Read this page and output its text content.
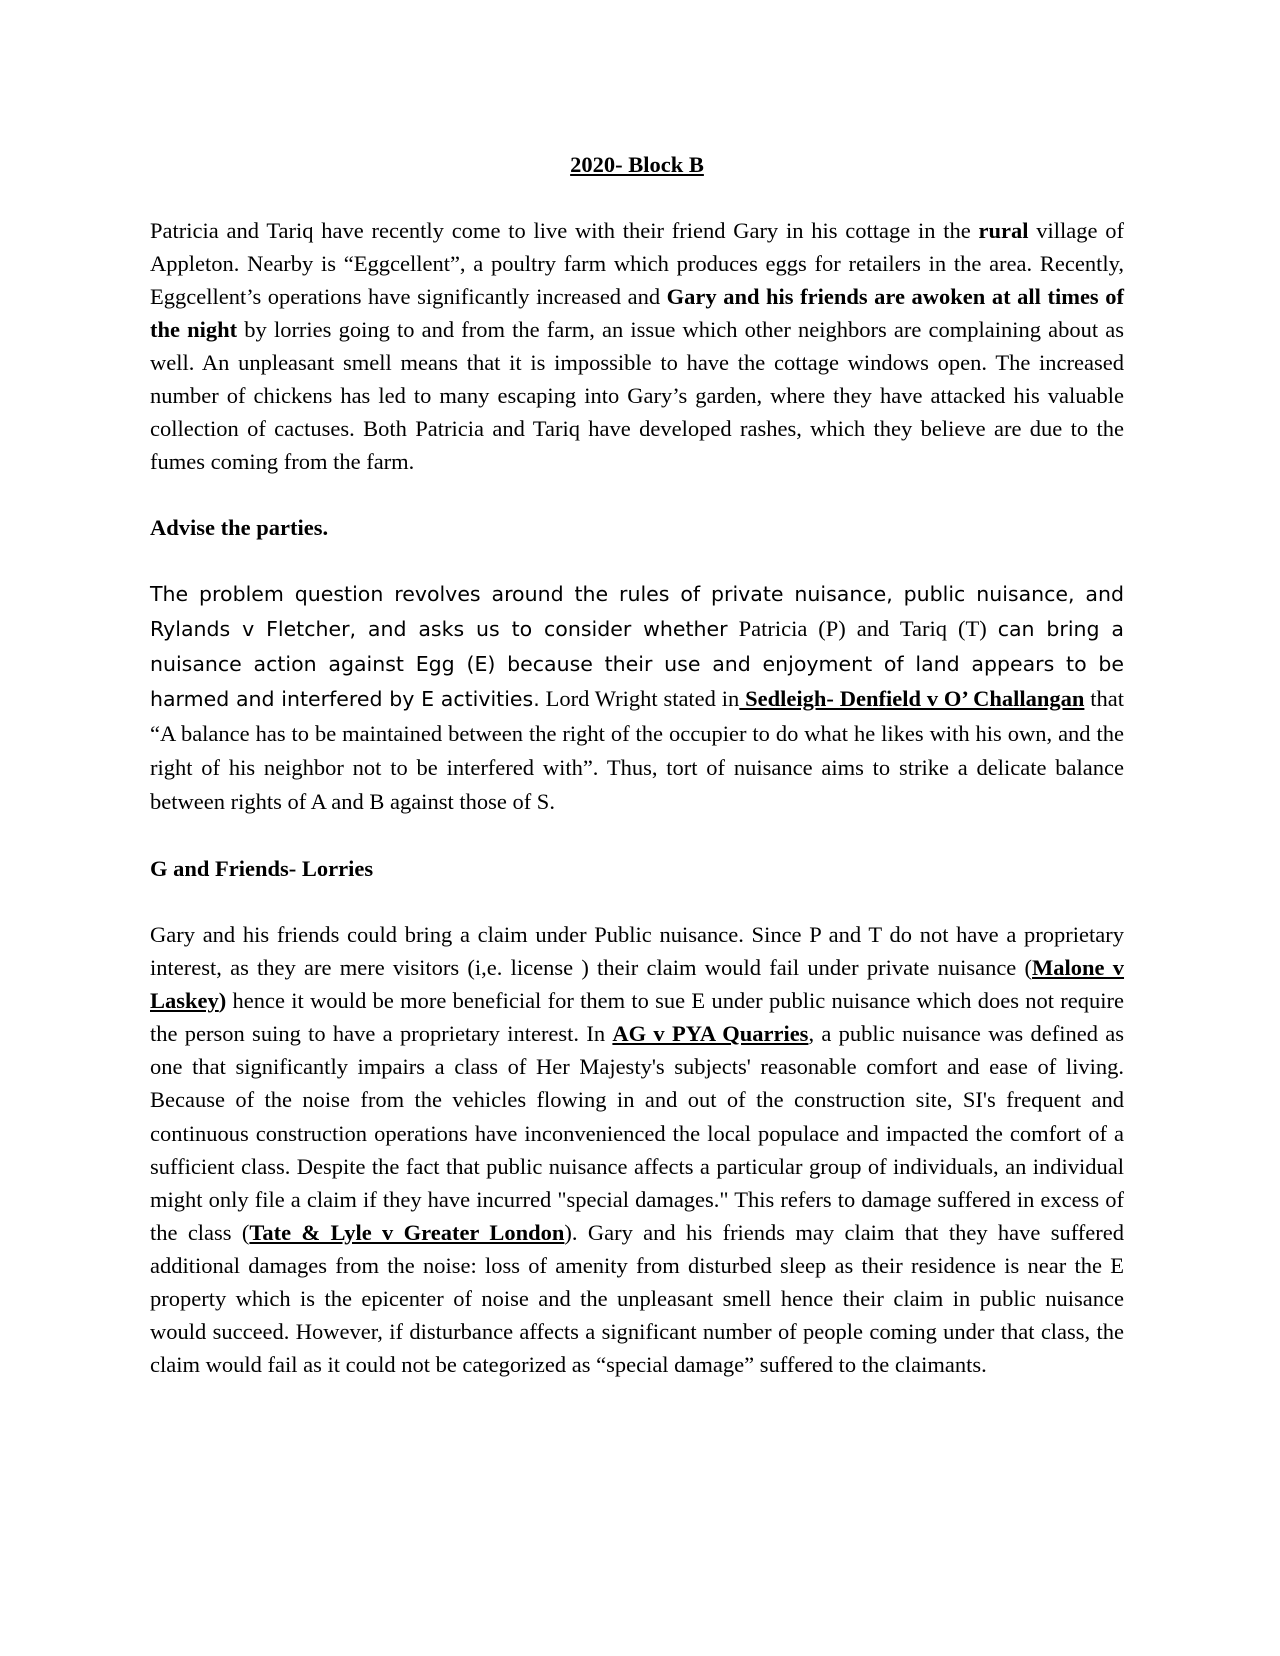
2020- Block B

Patricia and Tariq have recently come to live with their friend Gary in his cottage in the rural village of Appleton. Nearby is “Eggcellent”, a poultry farm which produces eggs for retailers in the area. Recently, Eggcellent’s operations have significantly increased and Gary and his friends are awoken at all times of the night by lorries going to and from the farm, an issue which other neighbors are complaining about as well. An unpleasant smell means that it is impossible to have the cottage windows open. The increased number of chickens has led to many escaping into Gary’s garden, where they have attacked his valuable collection of cactuses. Both Patricia and Tariq have developed rashes, which they believe are due to the fumes coming from the farm.

Advise the parties.

The problem question revolves around the rules of private nuisance, public nuisance, and Rylands v Fletcher, and asks us to consider whether Patricia (P) and Tariq (T) can bring a nuisance action against Egg (E) because their use and enjoyment of land appears to be harmed and interfered by E activities. Lord Wright stated in Sedleigh- Denfield v O’ Challangan that “A balance has to be maintained between the right of the occupier to do what he likes with his own, and the right of his neighbor not to be interfered with”. Thus, tort of nuisance aims to strike a delicate balance between rights of A and B against those of S.

G and Friends- Lorries

Gary and his friends could bring a claim under Public nuisance. Since P and T do not have a proprietary interest, as they are mere visitors (i,e. license ) their claim would fail under private nuisance (Malone v Laskey) hence it would be more beneficial for them to sue E under public nuisance which does not require the person suing to have a proprietary interest. In AG v PYA Quarries, a public nuisance was defined as one that significantly impairs a class of Her Majesty's subjects' reasonable comfort and ease of living. Because of the noise from the vehicles flowing in and out of the construction site, SI's frequent and continuous construction operations have inconvenienced the local populace and impacted the comfort of a sufficient class. Despite the fact that public nuisance affects a particular group of individuals, an individual might only file a claim if they have incurred "special damages." This refers to damage suffered in excess of the class (Tate & Lyle v Greater London). Gary and his friends may claim that they have suffered additional damages from the noise: loss of amenity from disturbed sleep as their residence is near the E property which is the epicenter of noise and the unpleasant smell hence their claim in public nuisance would succeed. However, if disturbance affects a significant number of people coming under that class, the claim would fail as it could not be categorized as “special damage” suffered to the claimants.
